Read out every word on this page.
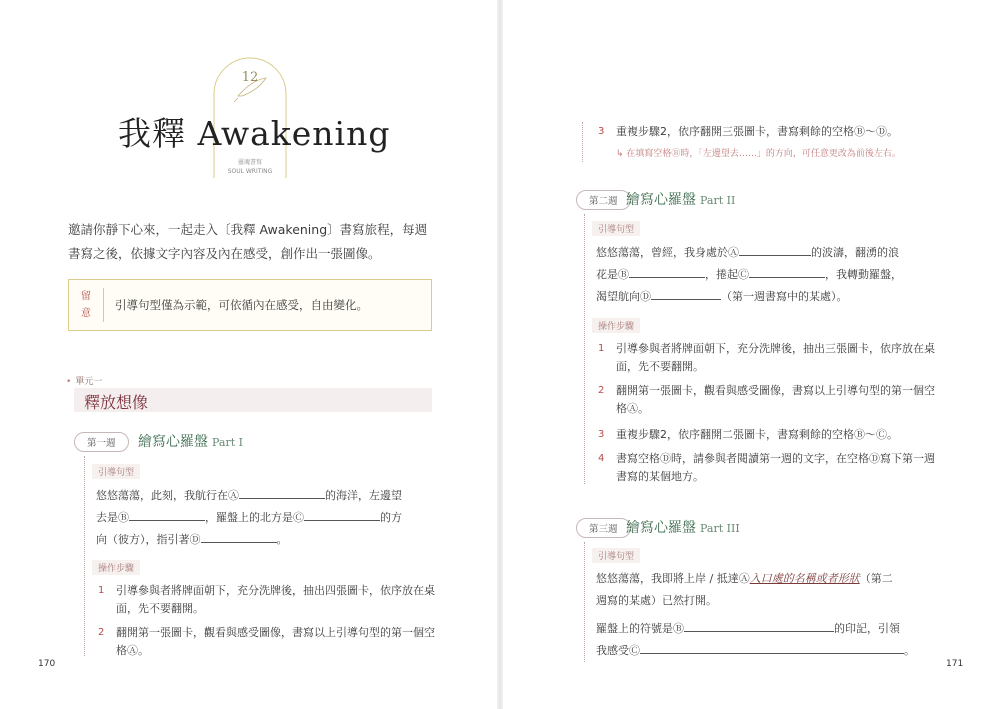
12
靈魂書寫
SOUL WRITING
我釋 Awakening
邀請你靜下心來，一起走入〔我釋 Awakening〕書寫旅程，每週書寫之後，依據文字內容及內在感受，創作出一張圖像。
留意
引導句型僅為示範，可依循內在感受，自由變化。
• 單元一
釋放想像
第一週	繪寫心羅盤 Part I
引導句型
悠悠蕩蕩，此刻，我航行在Ⓐ	的海洋，左邊望
去是Ⓑ	，羅盤上的北方是Ⓒ	的方
向（彼方），指引著Ⓓ	。
操作步驟
1 引導參與者將牌面朝下，充分洗牌後，抽出四張圖卡，依序放在桌面，先不要翻開。
2 翻開第一張圖卡，觀看與感受圖像，書寫以上引導句型的第一個空格Ⓐ。
170
3 重複步驟2，依序翻開三張圖卡，書寫剩餘的空格Ⓑ～Ⓓ。
↳ 在填寫空格Ⓑ時，「左邊望去……」的方向，可任意更改為前後左右。
第二週 繪寫心羅盤 Part II
引導句型
悠悠蕩蕩，曾經，我身處於Ⓐ	的波濤，翻湧的浪
花是Ⓑ	，捲起Ⓒ	，我轉動羅盤，
渴望航向Ⓓ	（第一週書寫中的某處）。
操作步驟
1 引導參與者將牌面朝下，充分洗牌後，抽出三張圖卡，依序放在桌面，先不要翻開。
2 翻開第一張圖卡，觀看與感受圖像，書寫以上引導句型的第一個空格Ⓐ。
3 重複步驟2，依序翻開二張圖卡，書寫剩餘的空格Ⓑ～Ⓒ。
4 書寫空格Ⓓ時，請參與者閱讀第一週的文字，在空格Ⓓ寫下第一週書寫的某個地方。
第三週 繪寫心羅盤 Part III
引導句型
悠悠蕩蕩，我即將上岸 / 抵達Ⓐ入口處的名稱或者形狀（第二
週寫的某處）已然打開。
羅盤上的符號是Ⓑ	的印記，引領
我感受Ⓒ	。
171
